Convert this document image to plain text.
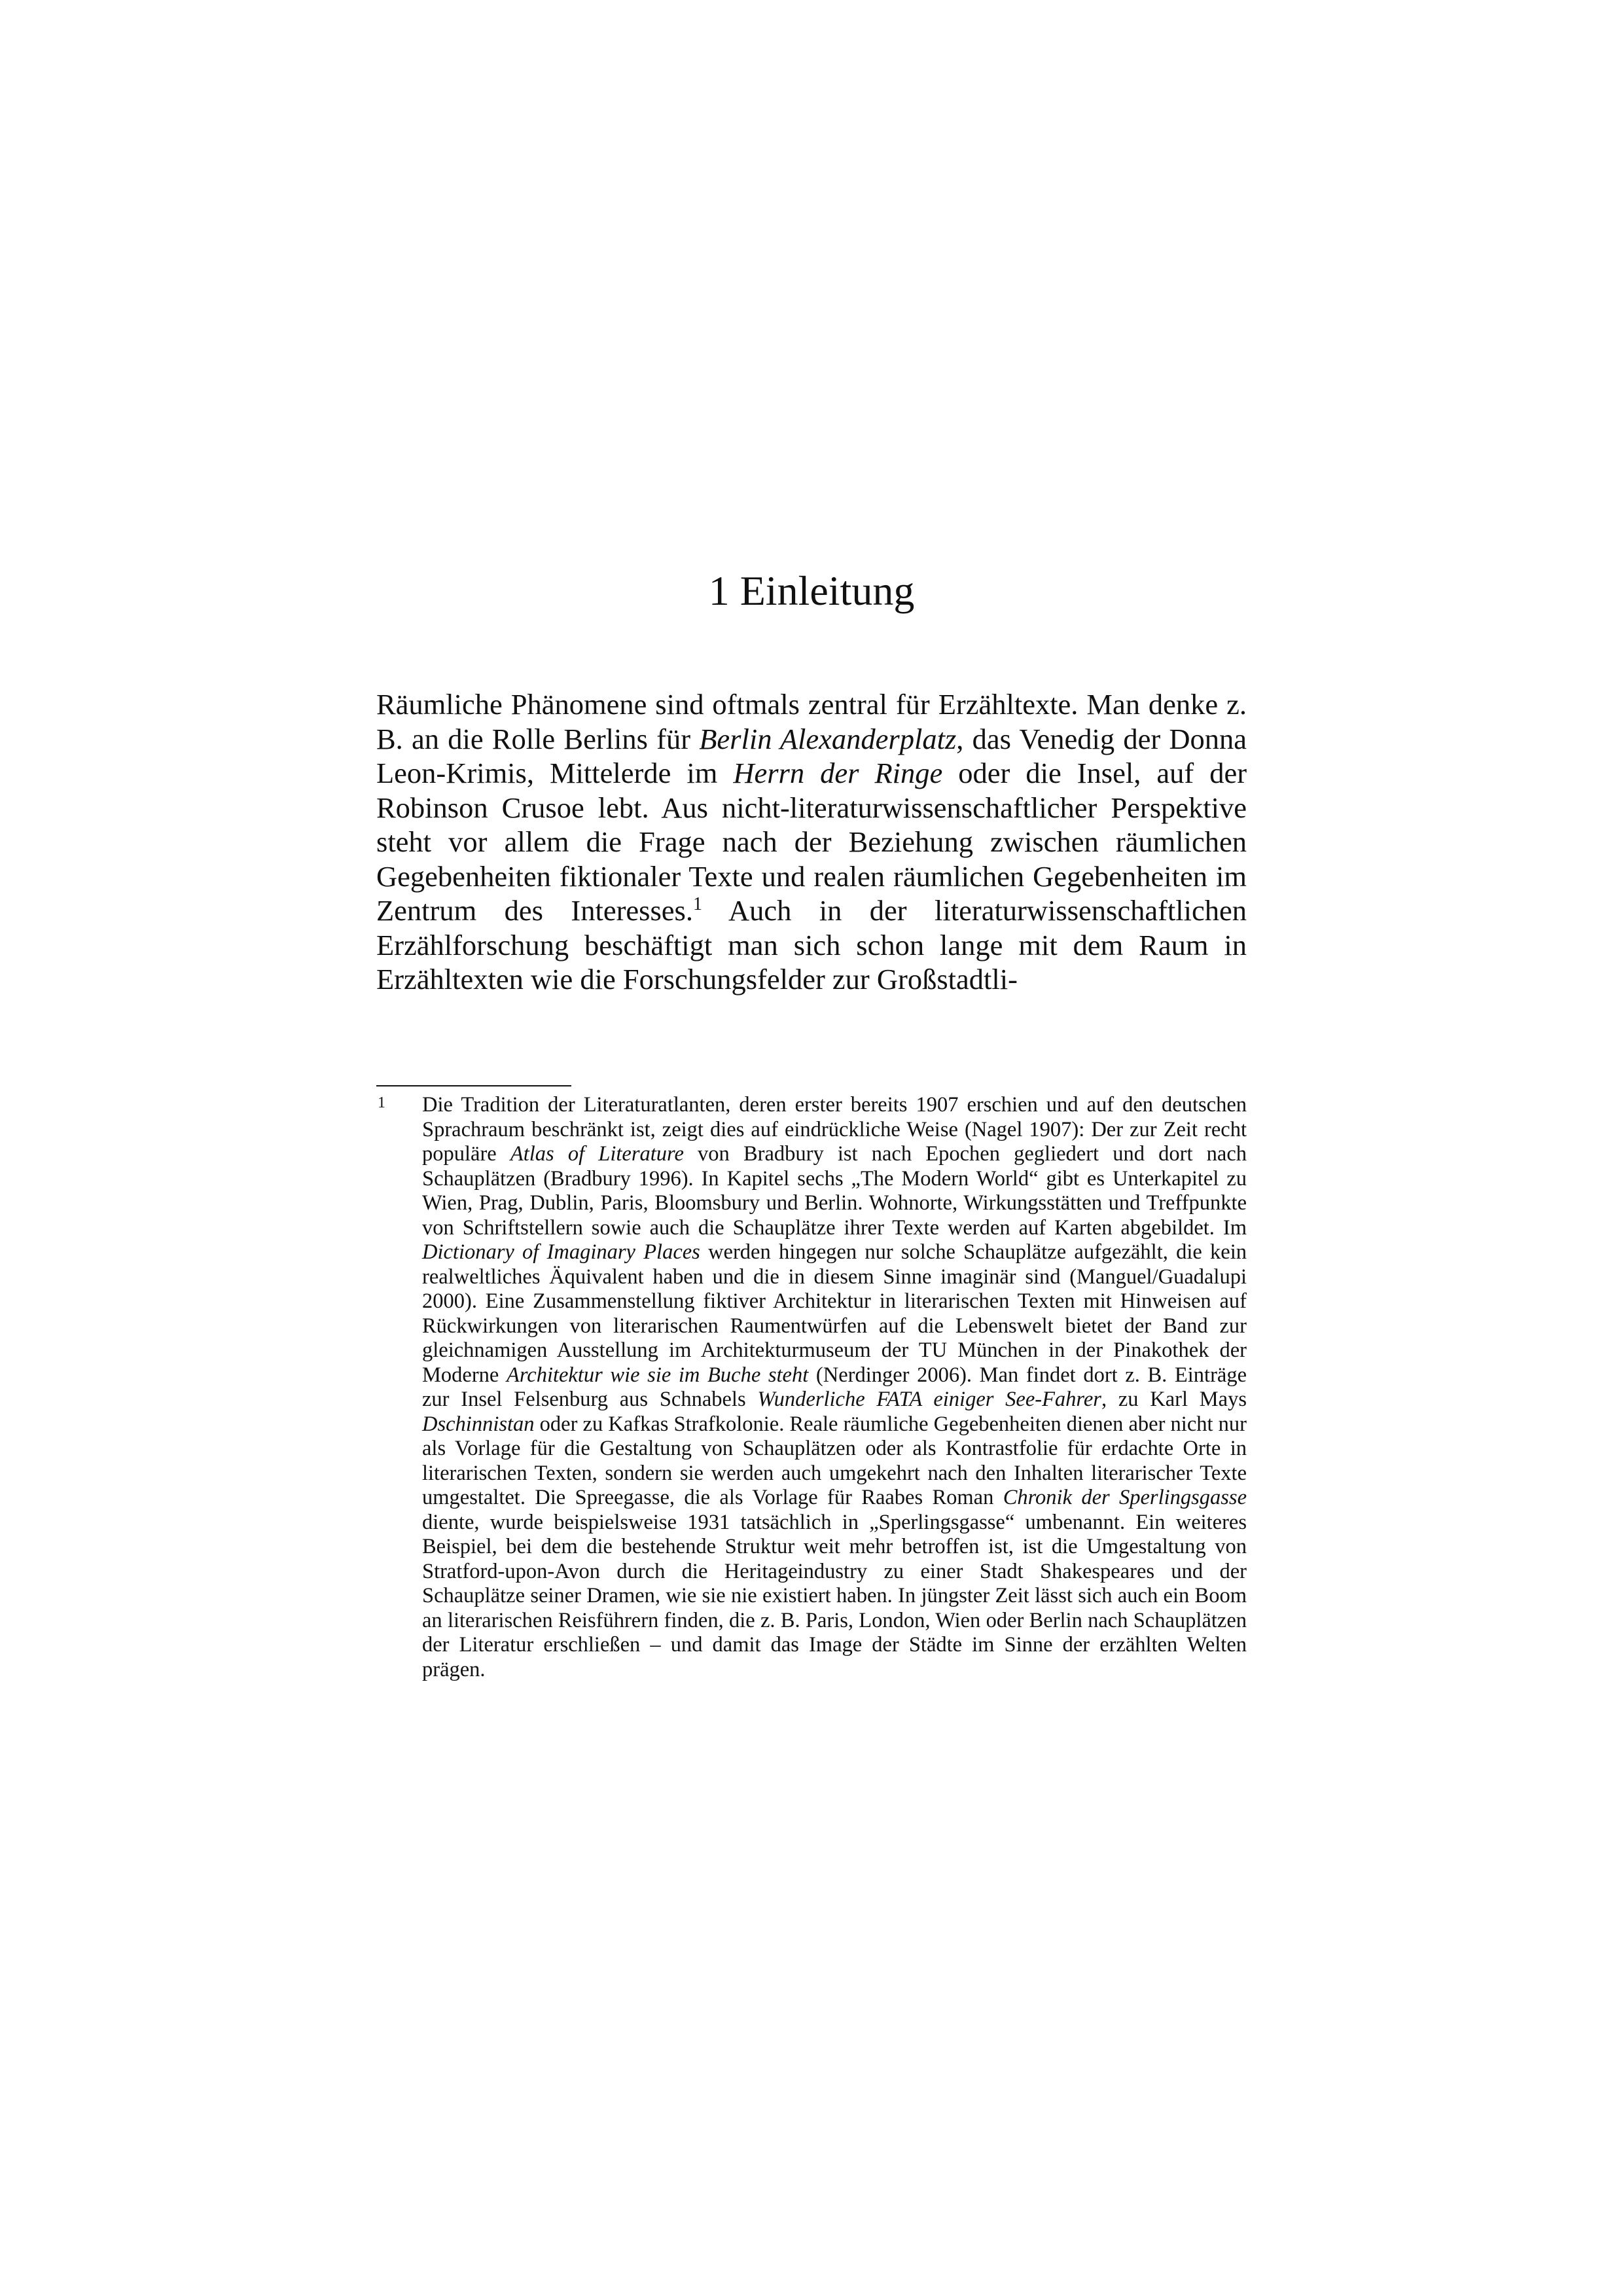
1 Einleitung

Räumliche Phänomene sind oftmals zentral für Erzähltexte. Man denke z. B. an die Rolle Berlins für Berlin Alexanderplatz, das Venedig der Donna Leon-Krimis, Mittelerde im Herrn der Ringe oder die Insel, auf der Robinson Crusoe lebt. Aus nicht-literaturwissenschaftlicher Perspektive steht vor allem die Frage nach der Beziehung zwischen räumlichen Gegebenheiten fiktionaler Texte und realen räumlichen Gegebenheiten im Zentrum des Interesses.$^1$ Auch in der literaturwissenschaftlichen Erzählforschung beschäftigt man sich schon lange mit dem Raum in Erzähltexten wie die Forschungsfelder zur Großstadtli-

1 Die Tradition der Literaturatlanten, deren erster bereits 1907 erschien und auf den deutschen Sprachraum beschränkt ist, zeigt dies auf eindrückliche Weise (Nagel 1907): Der zur Zeit recht populäre Atlas of Literature von Bradbury ist nach Epochen gegliedert und dort nach Schauplätzen (Bradbury 1996). In Kapitel sechs „The Modern World“ gibt es Unterkapitel zu Wien, Prag, Dublin, Paris, Bloomsbury und Berlin. Wohnorte, Wirkungsstätten und Treffpunkte von Schriftstellern sowie auch die Schauplätze ihrer Texte werden auf Karten abgebildet. Im Dictionary of Imaginary Places werden hingegen nur solche Schauplätze aufgezählt, die kein realweltliches Äquivalent haben und die in diesem Sinne imaginär sind (Manguel/Guadalupi 2000). Eine Zusammenstellung fiktiver Architektur in literarischen Texten mit Hinweisen auf Rückwirkungen von literarischen Raumentwürfen auf die Lebenswelt bietet der Band zur gleichnamigen Ausstellung im Architekturmuseum der TU München in der Pinakothek der Moderne Architektur wie sie im Buche steht (Nerdinger 2006). Man findet dort z. B. Einträge zur Insel Felsenburg aus Schnabels Wunderliche FATA einiger See-Fahrer, zu Karl Mays Dschinnistan oder zu Kafkas Strafkolonie. Reale räumliche Gegebenheiten dienen aber nicht nur als Vorlage für die Gestaltung von Schauplätzen oder als Kontrastfolie für erdachte Orte in literarischen Texten, sondern sie werden auch umgekehrt nach den Inhalten literarischer Texte umgestaltet. Die Spreegasse, die als Vorlage für Raabes Roman Chronik der Sperlingsgasse diente, wurde beispielsweise 1931 tatsächlich in „Sperlingsgasse“ umbenannt. Ein weiteres Beispiel, bei dem die bestehende Struktur weit mehr betroffen ist, ist die Umgestaltung von Stratford-upon-Avon durch die Heritageindustry zu einer Stadt Shakespeares und der Schauplätze seiner Dramen, wie sie nie existiert haben. In jüngster Zeit lässt sich auch ein Boom an literarischen Reisführern finden, die z. B. Paris, London, Wien oder Berlin nach Schauplätzen der Literatur erschließen – und damit das Image der Städte im Sinne der erzählten Welten prägen.
